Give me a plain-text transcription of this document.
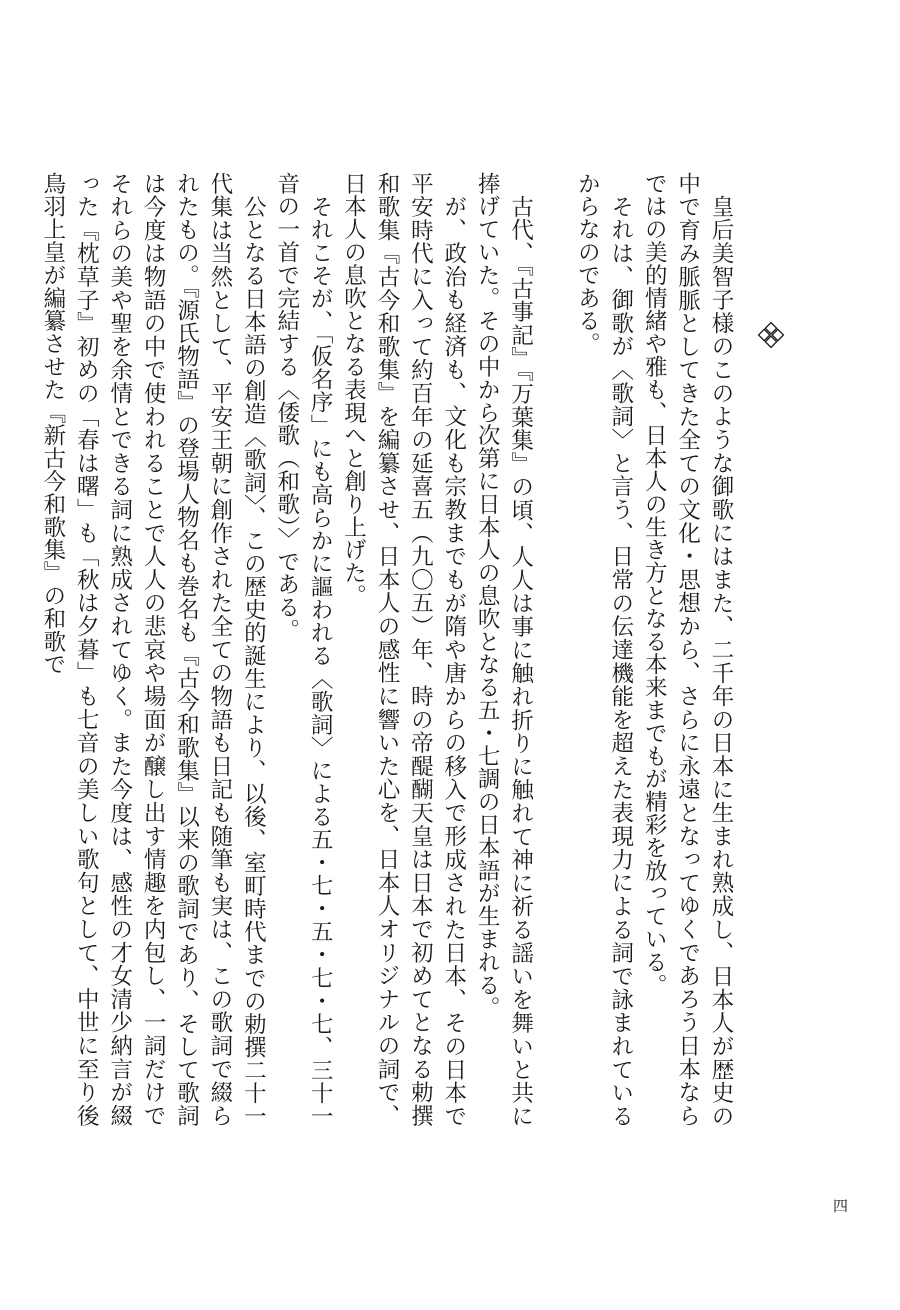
皇后美智子様のこのような御歌にはまた、二千年の日本に生まれ熟成し、日本人が歴史の中で育み脈脈としてきた全ての文化・思想から、さらに永遠となってゆくであろう日本ならではの美的情緒や雅も、日本人の生き方となる本来までもが精彩を放っている。

それは、御歌が〈歌詞〉と言う、日常の伝達機能を超えた表現力による詞で詠まれているからなのである。

古代、『古事記』『万葉集』の頃、人人は事に触れ折りに触れて神に祈る謡いを舞いと共に捧げていた。その中から次第に日本人の息吹となる五・七調の日本語が生まれる。

が、政治も経済も、文化も宗教までもが隋や唐からの移入で形成された日本、その日本で平安時代に入って約百年の延喜五（九〇五）年、時の帝醍醐天皇は日本で初めてとなる勅撰和歌集『古今和歌集』を編纂させ、日本人の感性に響いた心を、日本人オリジナルの詞で、日本人の息吹となる表現へと創り上げた。

それこそが、「仮名序」にも高らかに謳われる〈歌詞〉による五・七・五・七・七、三十一音の一首で完結する〈倭歌（和歌）〉である。

公となる日本語の創造〈歌詞〉、この歴史的誕生により、以後、室町時代までの勅撰二十一代集は当然として、平安王朝に創作された全ての物語も日記も随筆も実は、この歌詞で綴られたもの。『源氏物語』の登場人物名も巻名も『古今和歌集』以来の歌詞であり、そして歌詞は今度は物語の中で使われることで人人の悲哀や場面が醸し出す情趣を内包し、一詞だけでそれらの美や聖を余情とできる詞に熟成されてゆく。また今度は、感性の才女清少納言が綴った『枕草子』初めの「春は曙」も「秋は夕暮」も七音の美しい歌句として、中世に至り後鳥羽上皇が編纂させた『新古今和歌集』の和歌で

四
